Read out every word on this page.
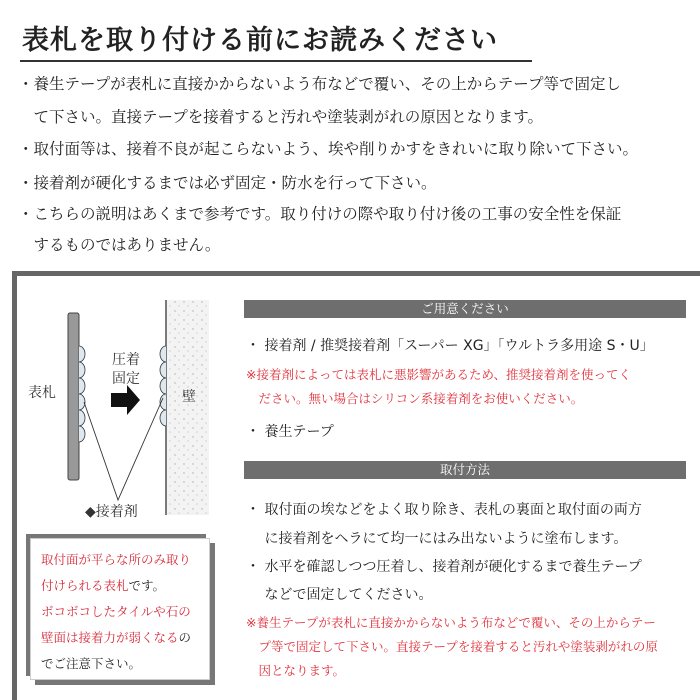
表札を取り付ける前にお読みください
・養生テープが表札に直接かからないよう布などで覆い、その上からテープ等で固定し
　て下さい。直接テープを接着すると汚れや塗装剥がれの原因となります。
・取付面等は、接着不良が起こらないよう、埃や削りかすをきれいに取り除いて下さい。
・接着剤が硬化するまでは必ず固定・防水を行って下さい。
・こちらの説明はあくまで参考です。取り付けの際や取り付け後の工事の安全性を保証
　するものではありません。
表札
圧着
固定
壁
◆接着剤
取付面が平らな所のみ取り
付けられる表札です。
ボコボコしたタイルや石の
壁面は接着力が弱くなるの
でご注意下さい。
ご用意ください
・ 接着剤 / 推奨接着剤「スーパー XG」「ウルトラ多用途 S・U」
※接着剤によっては表札に悪影響があるため、推奨接着剤を使ってく
　ださい。無い場合はシリコン系接着剤をお使いください。
・ 養生テープ
取付方法
・ 取付面の埃などをよく取り除き、表札の裏面と取付面の両方
　 に接着剤をヘラにて均一にはみ出ないように塗布します。
・ 水平を確認しつつ圧着し、接着剤が硬化するまで養生テープ
　 などで固定してください。
※養生テープが表札に直接かからないよう布などで覆い、その上からテー
　プ等で固定して下さい。直接テープを接着すると汚れや塗装剥がれの原
　因となります。
